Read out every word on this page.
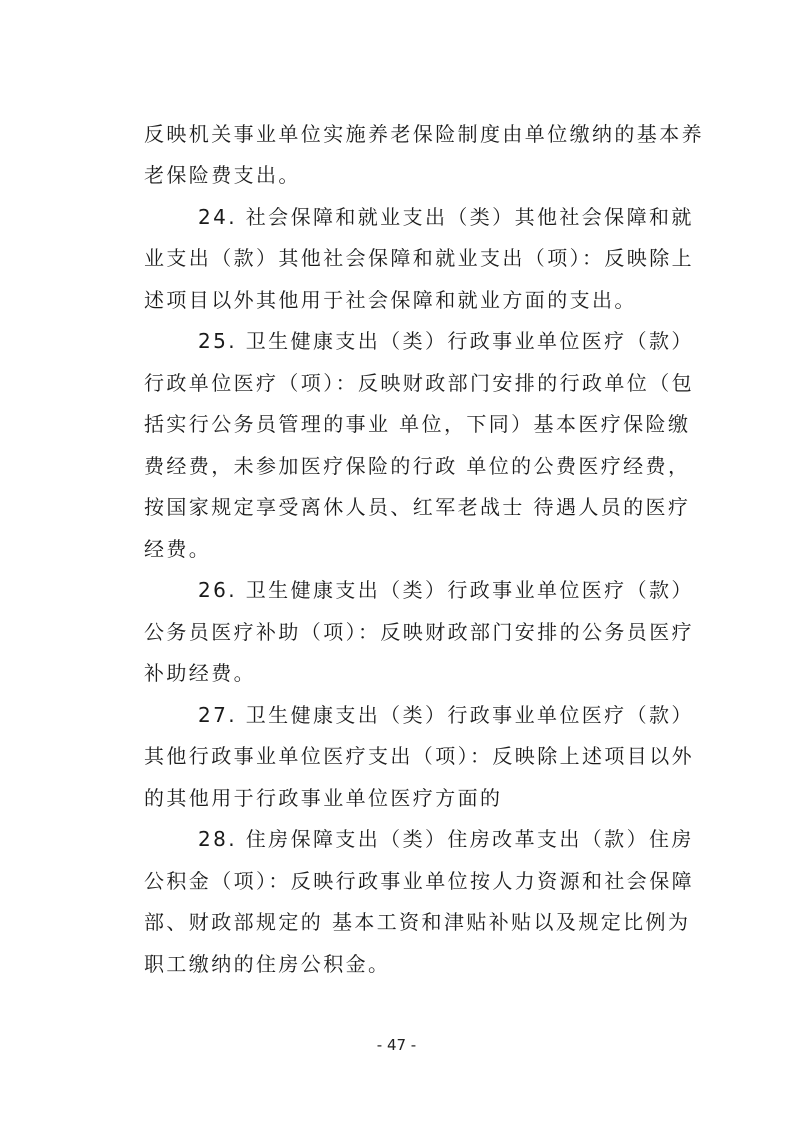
反映机关事业单位实施养老保险制度由单位缴纳的基本养
老保险费支出。
24. 社会保障和就业支出（类）其他社会保障和就
业支出（款）其他社会保障和就业支出（项）：反映除上
述项目以外其他用于社会保障和就业方面的支出。
25. 卫生健康支出（类）行政事业单位医疗（款）
行政单位医疗（项）：反映财政部门安排的行政单位（包
括实行公务员管理的事业 单位，下同）基本医疗保险缴
费经费，未参加医疗保险的行政 单位的公费医疗经费，
按国家规定享受离休人员、红军老战士 待遇人员的医疗
经费。
26. 卫生健康支出（类）行政事业单位医疗（款）
公务员医疗补助（项）：反映财政部门安排的公务员医疗
补助经费。
27. 卫生健康支出（类）行政事业单位医疗（款）
其他行政事业单位医疗支出（项）：反映除上述项目以外
的其他用于行政事业单位医疗方面的
28. 住房保障支出（类）住房改革支出（款）住房
公积金（项）：反映行政事业单位按人力资源和社会保障
部、财政部规定的 基本工资和津贴补贴以及规定比例为
职工缴纳的住房公积金。
- 47 -
